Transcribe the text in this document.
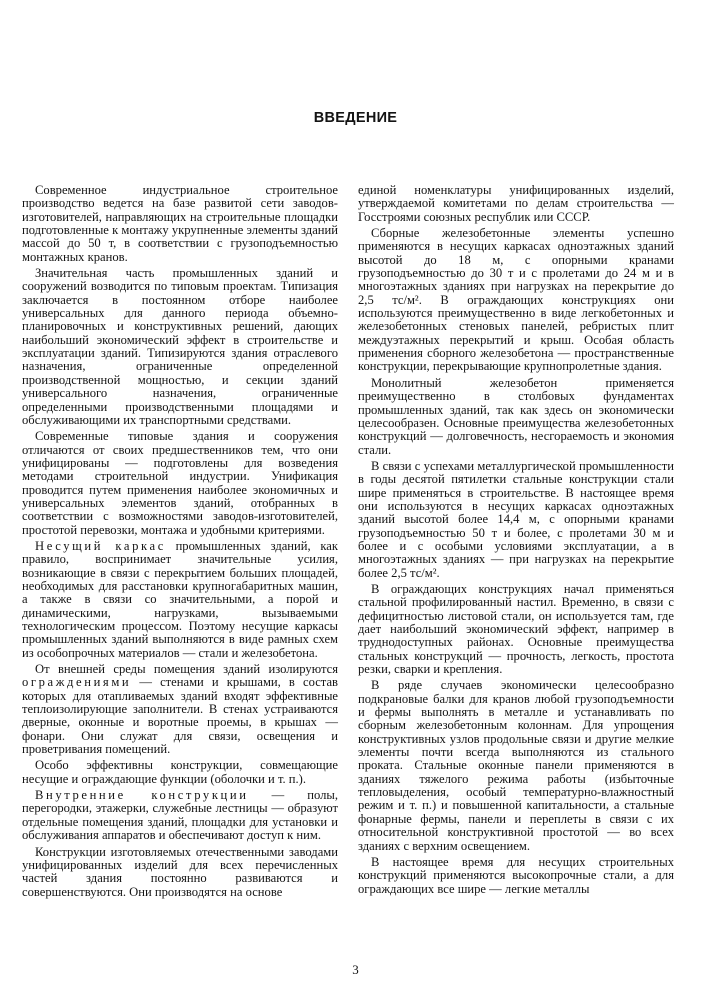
ВВЕДЕНИЕ

Современное индустриальное строительное производство ведется на базе развитой сети заводов-изготовителей, направляющих на строительные площадки подготовленные к монтажу укрупненные элементы зданий массой до 50 т, в соответствии с грузоподъемностью монтажных кранов.

Значительная часть промышленных зданий и сооружений возводится по типовым проектам. Типизация заключается в постоянном отборе наиболее универсальных для данного периода объемно-планировочных и конструктивных решений, дающих наибольший экономический эффект в строительстве и эксплуатации зданий. Типизируются здания отраслевого назначения, ограниченные определенной производственной мощностью, и секции зданий универсального назначения, ограниченные определенными производственными площадями и обслуживающими их транспортными средствами.

Современные типовые здания и сооружения отличаются от своих предшественников тем, что они унифицированы — подготовлены для возведения методами строительной индустрии. Унификация проводится путем применения наиболее экономичных и универсальных элементов зданий, отобранных в соответствии с возможностями заводов-изготовителей, простотой перевозки, монтажа и удобными критериями.

Несущий каркас промышленных зданий, как правило, воспринимает значительные усилия, возникающие в связи с перекрытием больших площадей, необходимых для расстановки крупногабаритных машин, а также в связи со значительными, а порой и динамическими, нагрузками, вызываемыми технологическим процессом. Поэтому несущие каркасы промышленных зданий выполняются в виде рамных схем из особопрочных материалов — стали и железобетона.

От внешней среды помещения зданий изолируются ограждениями — стенами и крышами, в состав которых для отапливаемых зданий входят эффективные теплоизолирующие заполнители. В стенах устраиваются дверные, оконные и воротные проемы, в крышах — фонари. Они служат для связи, освещения и проветривания помещений.

Особо эффективны конструкции, совмещающие несущие и ограждающие функции (оболочки и т. п.).

Внутренние конструкции — полы, перегородки, этажерки, служебные лестницы — образуют отдельные помещения зданий, площадки для установки и обслуживания аппаратов и обеспечивают доступ к ним.

Конструкции изготовляемых отечественными заводами унифицированных изделий для всех перечисленных частей здания постоянно развиваются и совершенствуются. Они производятся на основе

единой номенклатуры унифицированных изделий, утверждаемой комитетами по делам строительства — Госстроями союзных республик или СССР.

Сборные железобетонные элементы успешно применяются в несущих каркасах одноэтажных зданий высотой до 18 м, с опорными кранами грузоподъемностью до 30 т и с пролетами до 24 м и в многоэтажных зданиях при нагрузках на перекрытие до 2,5 тс/м². В ограждающих конструкциях они используются преимущественно в виде легкобетонных и железобетонных стеновых панелей, ребристых плит междуэтажных перекрытий и крыш. Особая область применения сборного железобетона — пространственные конструкции, перекрывающие крупнопролетные здания.

Монолитный железобетон применяется преимущественно в столбовых фундаментах промышленных зданий, так как здесь он экономически целесообразен. Основные преимущества железобетонных конструкций — долговечность, несгораемость и экономия стали.

В связи с успехами металлургической промышленности в годы десятой пятилетки стальные конструкции стали шире применяться в строительстве. В настоящее время они используются в несущих каркасах одноэтажных зданий высотой более 14,4 м, с опорными кранами грузоподъемностью 50 т и более, с пролетами 30 м и более и с особыми условиями эксплуатации, а в многоэтажных зданиях — при нагрузках на перекрытие более 2,5 тс/м².

В ограждающих конструкциях начал применяться стальной профилированный настил. Временно, в связи с дефицитностью листовой стали, он используется там, где дает наибольший экономический эффект, например в труднодоступных районах. Основные преимущества стальных конструкций — прочность, легкость, простота резки, сварки и крепления.

В ряде случаев экономически целесообразно подкрановые балки для кранов любой грузоподъемности и фермы выполнять в металле и устанавливать по сборным железобетонным колоннам. Для упрощения конструктивных узлов продольные связи и другие мелкие элементы почти всегда выполняются из стального проката. Стальные оконные панели применяются в зданиях тяжелого режима работы (избыточные тепловыделения, особый температурно-влажностный режим и т. п.) и повышенной капитальности, а стальные фонарные фермы, панели и переплеты в связи с их относительной конструктивной простотой — во всех зданиях с верхним освещением.

В настоящее время для несущих строительных конструкций применяются высокопрочные стали, а для ограждающих все шире — легкие металлы

3
